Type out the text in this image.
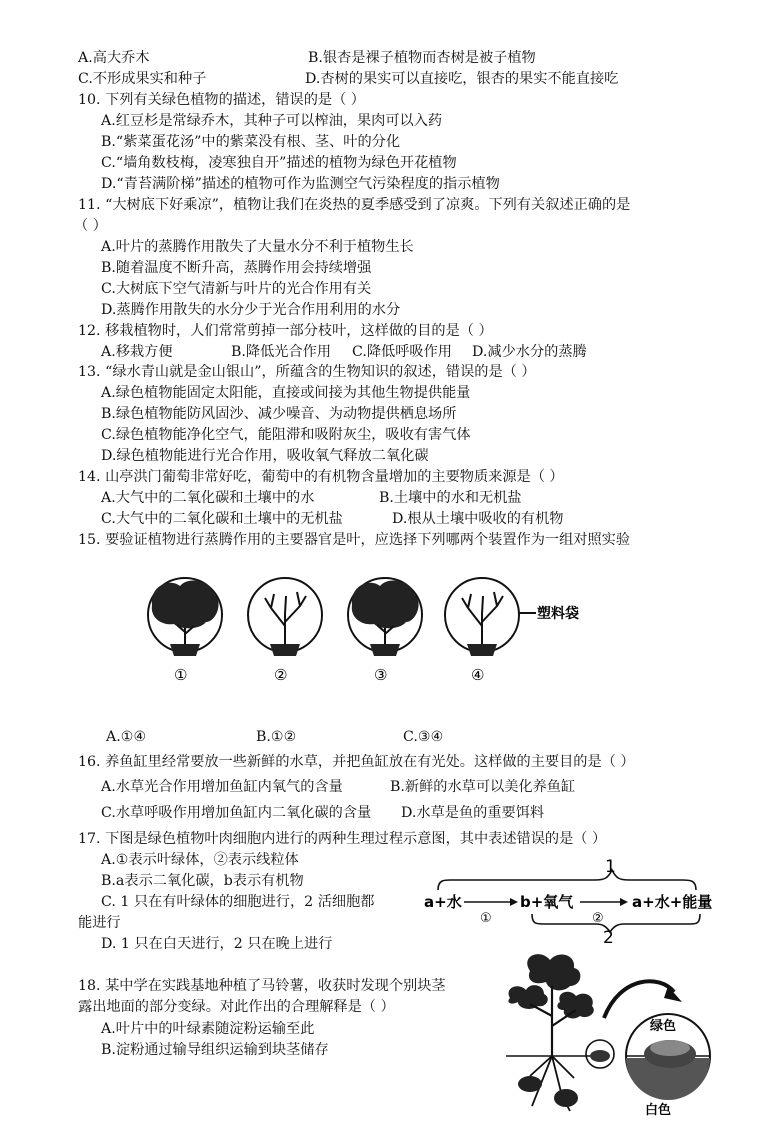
A.高大乔木	B.银杏是裸子植物而杏树是被子植物
C.不形成果实和种子	D.杏树的果实可以直接吃，银杏的果实不能直接吃
10. 下列有关绿色植物的描述，错误的是（ ）
A.红豆杉是常绿乔木，其种子可以榨油，果肉可以入药
B.“紫菜蛋花汤”中的紫菜没有根、茎、叶的分化
C.“墙角数枝梅，凌寒独自开”描述的植物为绿色开花植物
D.“青苔满阶梯”描述的植物可作为监测空气污染程度的指示植物
11. “大树底下好乘凉”，植物让我们在炎热的夏季感受到了凉爽。下列有关叙述正确的是
（ ）
A.叶片的蒸腾作用散失了大量水分不利于植物生长
B.随着温度不断升高，蒸腾作用会持续增强
C.大树底下空气清新与叶片的光合作用有关
D.蒸腾作用散失的水分少于光合作用利用的水分
12. 移栽植物时，人们常常剪掉一部分枝叶，这样做的目的是（ ）
A.移栽方便	B.降低光合作用 C.降低呼吸作用 D.减少水分的蒸腾
13. “绿水青山就是金山银山”，所蕴含的生物知识的叙述，错误的是（ ）
A.绿色植物能固定太阳能，直接或间接为其他生物提供能量
B.绿色植物能防风固沙、减少噪音、为动物提供栖息场所
C.绿色植物能净化空气，能阻滞和吸附灰尘，吸收有害气体
D.绿色植物能进行光合作用，吸收氧气释放二氧化碳
14. 山亭洪门葡萄非常好吃，葡萄中的有机物含量增加的主要物质来源是（ ）
A.大气中的二氧化碳和土壤中的水	B.土壤中的水和无机盐
C.大气中的二氧化碳和土壤中的无机盐	D.根从土壤中吸收的有机物
15. 要验证植物进行蒸腾作用的主要器官是叶，应选择下列哪两个装置作为一组对照实验
①	②	③
塑料袋
④
A.①④	B.①②	C.③④
16. 养鱼缸里经常要放一些新鲜的水草，并把鱼缸放在有光处。这样做的主要目的是（ ）
A.水草光合作用增加鱼缸内氧气的含量	B.新鲜的水草可以美化养鱼缸
C.水草呼吸作用增加鱼缸内二氧化碳的含量 D.水草是鱼的重要饵料
17. 下图是绿色植物叶肉细胞内进行的两种生理过程示意图，其中表述错误的是（ ）
A.①表示叶绿体，②表示线粒体
B.a表示二氧化碳，b表示有机物
C. 1 只在有叶绿体的细胞进行，2 活细胞都
能进行
D. 1 只在白天进行，2 只在晚上进行
1
a+水
①
b+氧气
②
a+水+能量
2
18. 某中学在实践基地种植了马铃薯，收获时发现个别块茎
露出地面的部分变绿。对此作出的合理解释是（ ）
A.叶片中的叶绿素随淀粉运输至此
B.淀粉通过输导组织运输到块茎储存
绿色
白色
